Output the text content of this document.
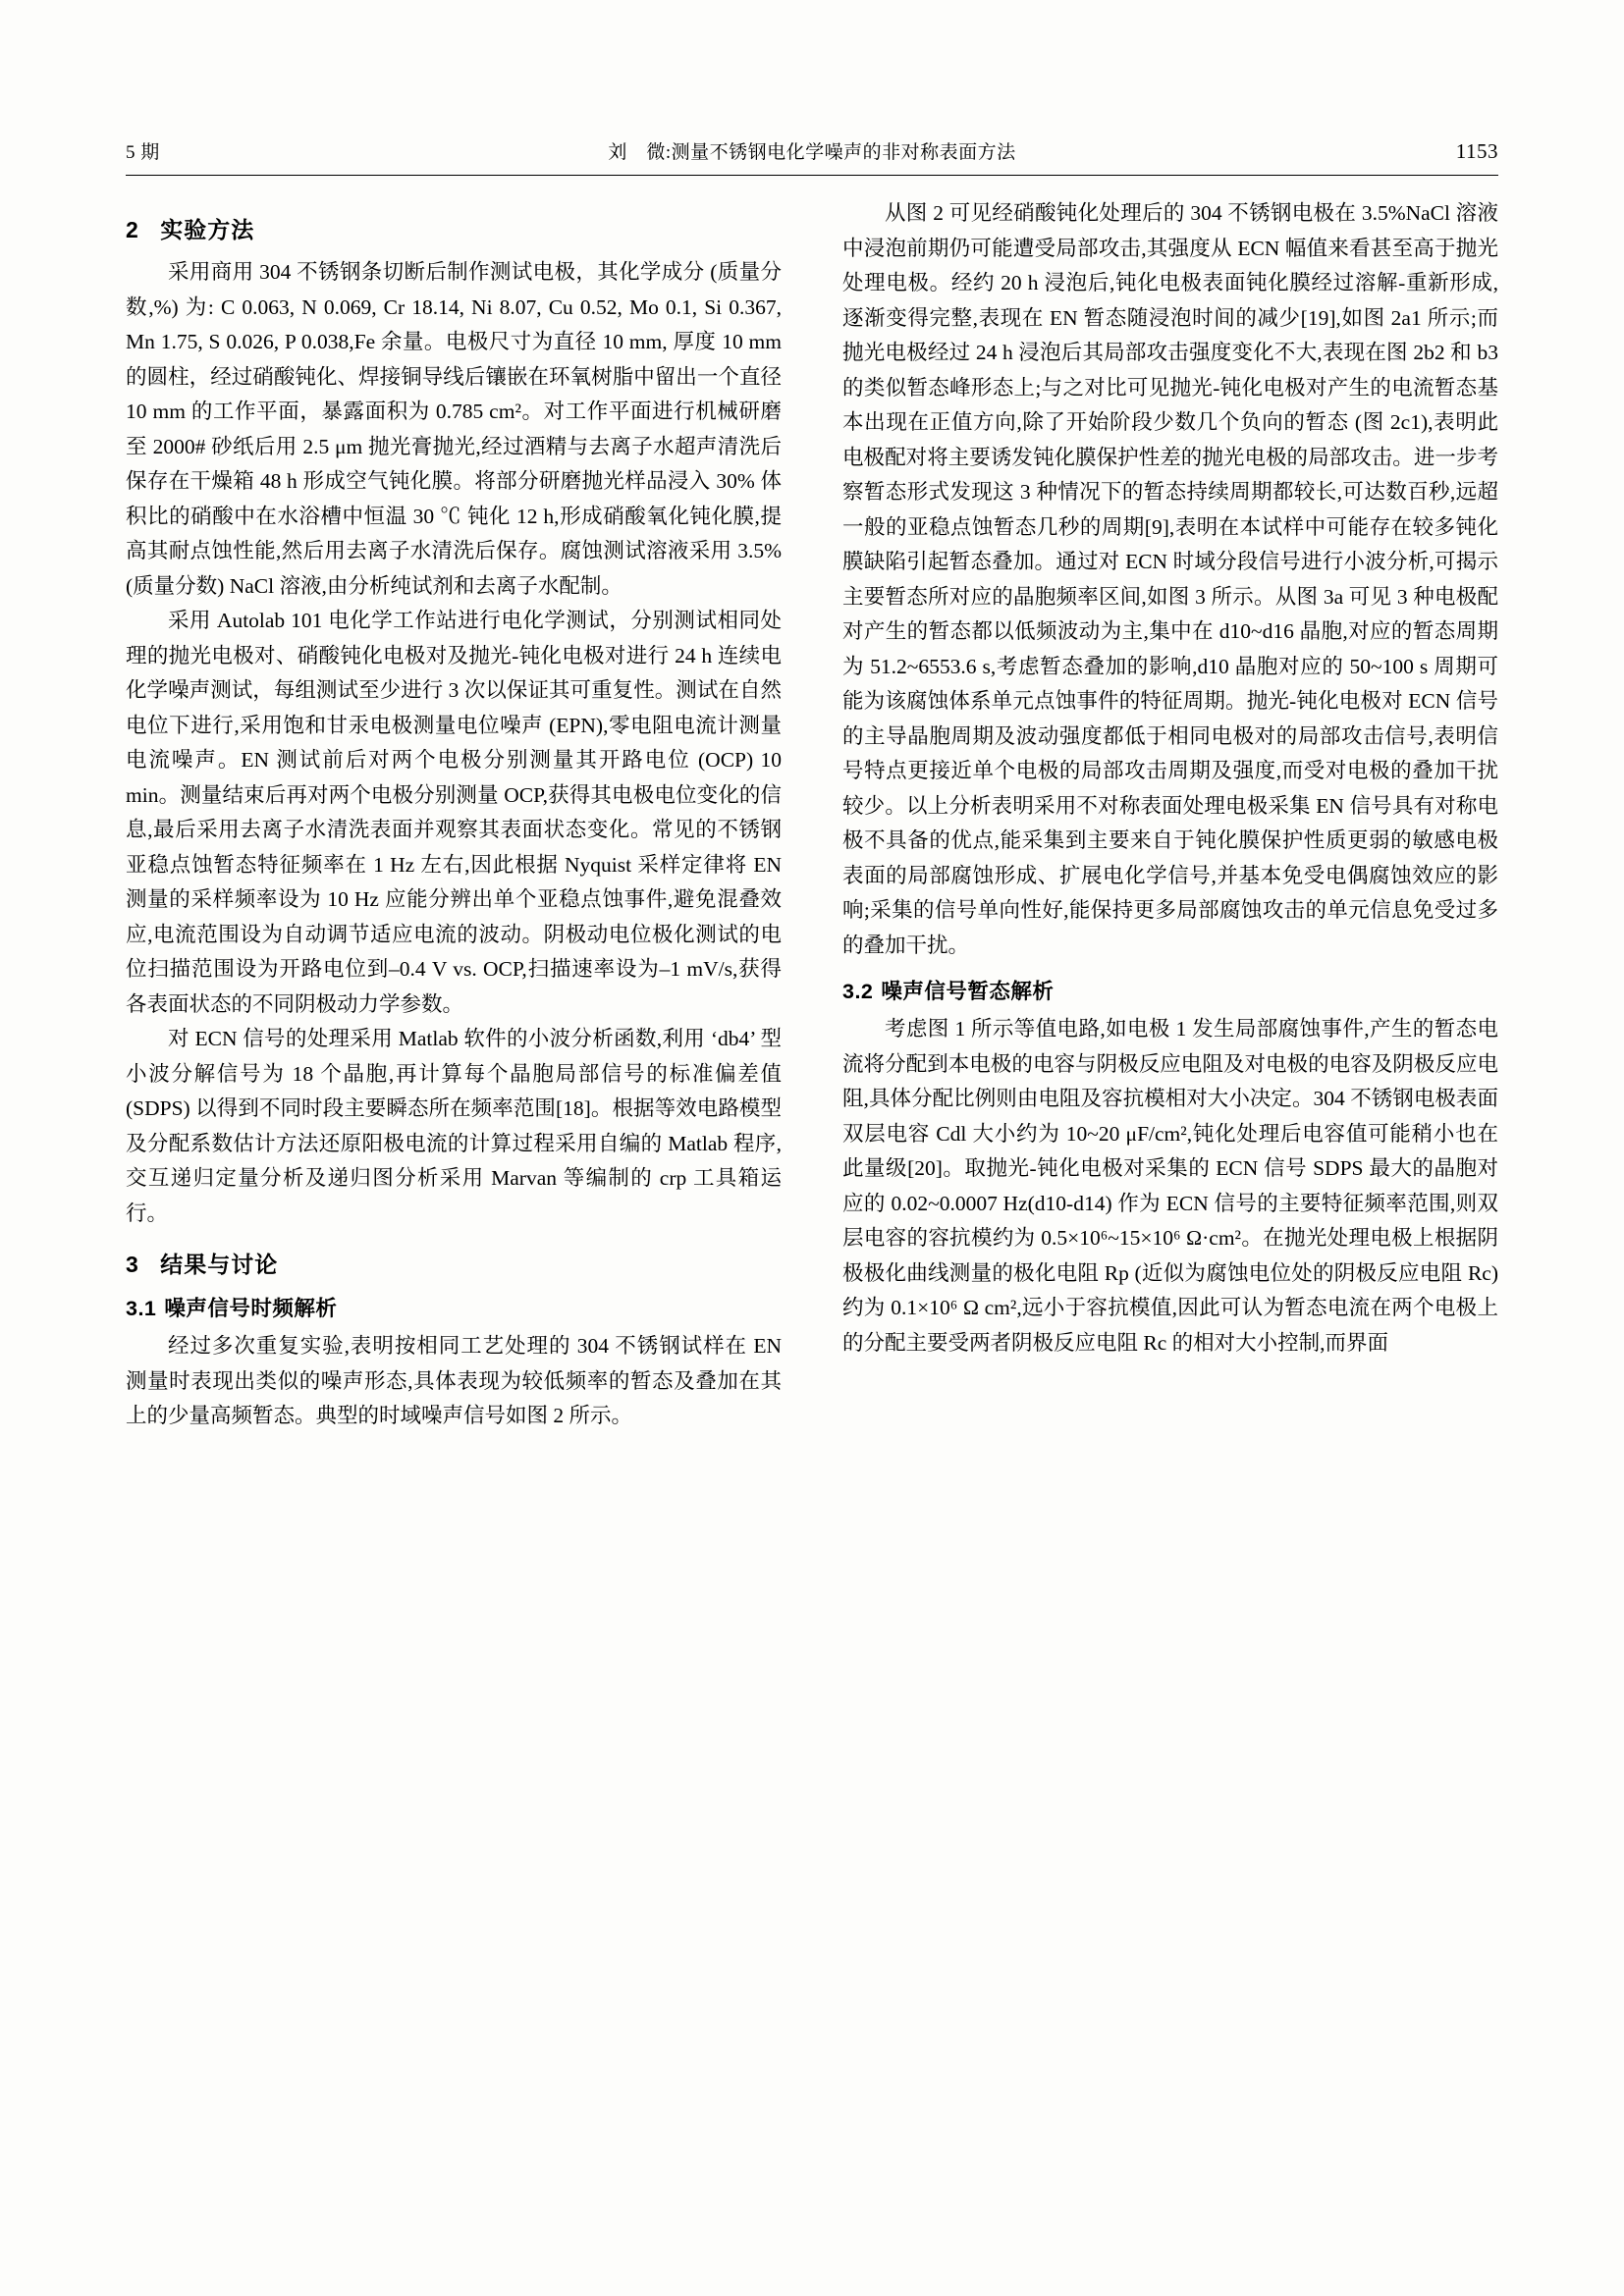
5 期	刘　微:测量不锈钢电化学噪声的非对称表面方法	1153
2 实验方法

采用商用 304 不锈钢条切断后制作测试电极，其化学成分 (质量分数,%) 为: C 0.063, N 0.069, Cr 18.14, Ni 8.07, Cu 0.52, Mo 0.1, Si 0.367, Mn 1.75, S 0.026, P 0.038,Fe 余量。电极尺寸为直径 10 mm, 厚度 10 mm 的圆柱，经过硝酸钝化、焊接铜导线后镶嵌在环氧树脂中留出一个直径 10 mm 的工作平面，暴露面积为 0.785 cm²。对工作平面进行机械研磨至 2000# 砂纸后用 2.5 μm 抛光膏抛光,经过酒精与去离子水超声清洗后保存在干燥箱 48 h 形成空气钝化膜。将部分研磨抛光样品浸入 30% 体积比的硝酸中在水浴槽中恒温 30 ℃ 钝化 12 h,形成硝酸氧化钝化膜,提高其耐点蚀性能,然后用去离子水清洗后保存。腐蚀测试溶液采用 3.5% (质量分数) NaCl 溶液,由分析纯试剂和去离子水配制。

采用 Autolab 101 电化学工作站进行电化学测试，分别测试相同处理的抛光电极对、硝酸钝化电极对及抛光-钝化电极对进行 24 h 连续电化学噪声测试，每组测试至少进行 3 次以保证其可重复性。测试在自然电位下进行,采用饱和甘汞电极测量电位噪声 (EPN),零电阻电流计测量电流噪声。EN 测试前后对两个电极分别测量其开路电位 (OCP) 10 min。测量结束后再对两个电极分别测量 OCP,获得其电极电位变化的信息,最后采用去离子水清洗表面并观察其表面状态变化。常见的不锈钢亚稳点蚀暂态特征频率在 1 Hz 左右,因此根据 Nyquist 采样定律将 EN 测量的采样频率设为 10 Hz 应能分辨出单个亚稳点蚀事件,避免混叠效应,电流范围设为自动调节适应电流的波动。阴极动电位极化测试的电位扫描范围设为开路电位到–0.4 V vs. OCP,扫描速率设为–1 mV/s,获得各表面状态的不同阴极动力学参数。

对 ECN 信号的处理采用 Matlab 软件的小波分析函数,利用 ‘db4’ 型小波分解信号为 18 个晶胞,再计算每个晶胞局部信号的标准偏差值 (SDPS) 以得到不同时段主要瞬态所在频率范围[18]。根据等效电路模型及分配系数估计方法还原阳极电流的计算过程采用自编的 Matlab 程序,交互递归定量分析及递归图分析采用 Marvan 等编制的 crp 工具箱运行。

3 结果与讨论
3.1 噪声信号时频解析

经过多次重复实验,表明按相同工艺处理的 304 不锈钢试样在 EN 测量时表现出类似的噪声形态,具体表现为较低频率的暂态及叠加在其上的少量高频暂态。典型的时域噪声信号如图 2 所示。

从图 2 可见经硝酸钝化处理后的 304 不锈钢电极在 3.5%NaCl 溶液中浸泡前期仍可能遭受局部攻击,其强度从 ECN 幅值来看甚至高于抛光处理电极。经约 20 h 浸泡后,钝化电极表面钝化膜经过溶解-重新形成,逐渐变得完整,表现在 EN 暂态随浸泡时间的减少[19],如图 2a1 所示;而抛光电极经过 24 h 浸泡后其局部攻击强度变化不大,表现在图 2b2 和 b3 的类似暂态峰形态上;与之对比可见抛光-钝化电极对产生的电流暂态基本出现在正值方向,除了开始阶段少数几个负向的暂态 (图 2c1),表明此电极配对将主要诱发钝化膜保护性差的抛光电极的局部攻击。进一步考察暂态形式发现这 3 种情况下的暂态持续周期都较长,可达数百秒,远超一般的亚稳点蚀暂态几秒的周期[9],表明在本试样中可能存在较多钝化膜缺陷引起暂态叠加。通过对 ECN 时域分段信号进行小波分析,可揭示主要暂态所对应的晶胞频率区间,如图 3 所示。从图 3a 可见 3 种电极配对产生的暂态都以低频波动为主,集中在 d10~d16 晶胞,对应的暂态周期为 51.2~6553.6 s,考虑暂态叠加的影响,d10 晶胞对应的 50~100 s 周期可能为该腐蚀体系单元点蚀事件的特征周期。抛光-钝化电极对 ECN 信号的主导晶胞周期及波动强度都低于相同电极对的局部攻击信号,表明信号特点更接近单个电极的局部攻击周期及强度,而受对电极的叠加干扰较少。以上分析表明采用不对称表面处理电极采集 EN 信号具有对称电极不具备的优点,能采集到主要来自于钝化膜保护性质更弱的敏感电极表面的局部腐蚀形成、扩展电化学信号,并基本免受电偶腐蚀效应的影响;采集的信号单向性好,能保持更多局部腐蚀攻击的单元信息免受过多的叠加干扰。

3.2 噪声信号暂态解析

考虑图 1 所示等值电路,如电极 1 发生局部腐蚀事件,产生的暂态电流将分配到本电极的电容与阴极反应电阻及对电极的电容及阴极反应电阻,具体分配比例则由电阻及容抗模相对大小决定。304 不锈钢电极表面双层电容 Cdl 大小约为 10~20 μF/cm²,钝化处理后电容值可能稍小也在此量级[20]。取抛光-钝化电极对采集的 ECN 信号 SDPS 最大的晶胞对应的 0.02~0.0007 Hz(d10-d14) 作为 ECN 信号的主要特征频率范围,则双层电容的容抗模约为 0.5×10⁶~15×10⁶ Ω·cm²。在抛光处理电极上根据阴极极化曲线测量的极化电阻 Rp (近似为腐蚀电位处的阴极反应电阻 Rc) 约为 0.1×10⁶ Ω cm²,远小于容抗模值,因此可认为暂态电流在两个电极上的分配主要受两者阴极反应电阻 Rc 的相对大小控制,而界面
